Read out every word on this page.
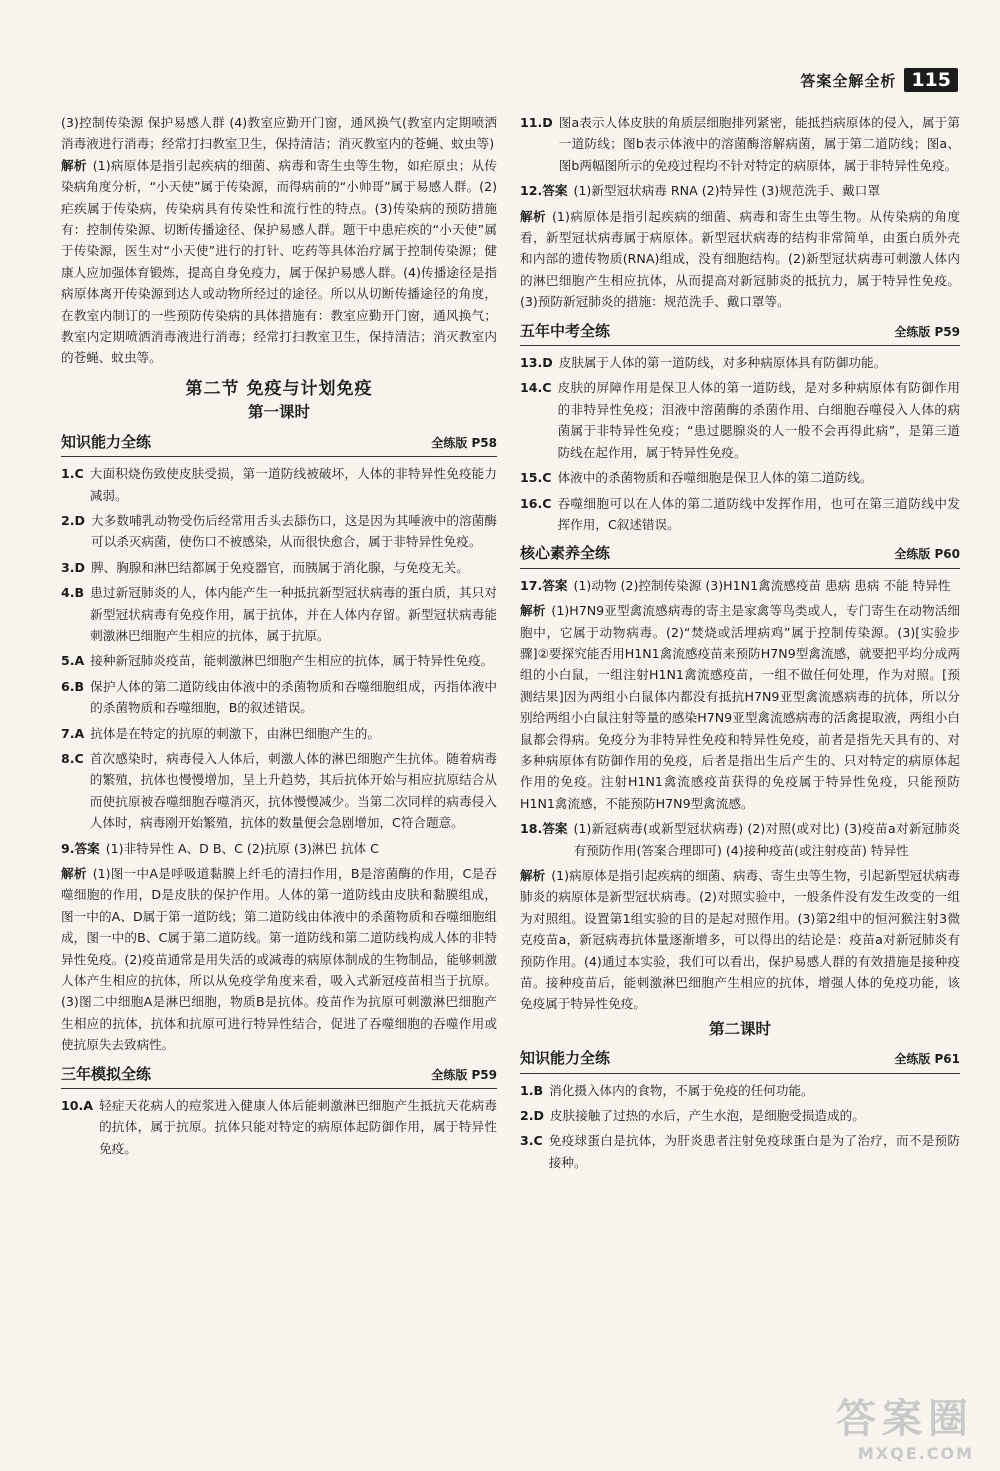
答案全解全析 115

(3)控制传染源 保护易感人群 (4)教室应勤开门窗，通风换气(教室内定期喷洒消毒液进行消毒；经常打扫教室卫生，保持清洁；消灭教室内的苍蝇、蚊虫等)

解析 (1)病原体是指引起疾病的细菌、病毒和寄生虫等生物，如疟原虫；从传染病角度分析，“小天使”属于传染源，而得病前的“小帅哥”属于易感人群。(2)疟疾属于传染病，传染病具有传染性和流行性的特点。(3)传染病的预防措施有：控制传染源、切断传播途径、保护易感人群。题干中患疟疾的“小天使”属于传染源，医生对“小天使”进行的打针、吃药等具体治疗属于控制传染源；健康人应加强体育锻炼，提高自身免疫力，属于保护易感人群。(4)传播途径是指病原体离开传染源到达人或动物所经过的途径。所以从切断传播途径的角度，在教室内制订的一些预防传染病的具体措施有：教室应勤开门窗，通风换气；教室内定期喷洒消毒液进行消毒；经常打扫教室卫生，保持清洁；消灭教室内的苍蝇、蚊虫等。

第二节 免疫与计划免疫
第一课时
知识能力全练	全练版 P58
1.C 大面积烧伤致使皮肤受损，第一道防线被破坏，人体的非特异性免疫能力减弱。
2.D 大多数哺乳动物受伤后经常用舌头去舔伤口，这是因为其唾液中的溶菌酶可以杀灭病菌，使伤口不被感染，从而很快愈合，属于非特异性免疫。
3.D 脾、胸腺和淋巴结都属于免疫器官，而胰属于消化腺，与免疫无关。
4.B 患过新冠肺炎的人，体内能产生一种抵抗新型冠状病毒的蛋白质，其只对新型冠状病毒有免疫作用，属于抗体，并在人体内存留。新型冠状病毒能刺激淋巴细胞产生相应的抗体，属于抗原。
5.A 接种新冠肺炎疫苗，能刺激淋巴细胞产生相应的抗体，属于特异性免疫。
6.B 保护人体的第二道防线由体液中的杀菌物质和吞噬细胞组成，丙指体液中的杀菌物质和吞噬细胞，B的叙述错误。
7.A 抗体是在特定的抗原的刺激下，由淋巴细胞产生的。
8.C 首次感染时，病毒侵入人体后，刺激人体的淋巴细胞产生抗体。随着病毒的繁殖，抗体也慢慢增加，呈上升趋势，其后抗体开始与相应抗原结合从而使抗原被吞噬细胞吞噬消灭，抗体慢慢减少。当第二次同样的病毒侵入人体时，病毒刚开始繁殖，抗体的数量便会急剧增加，C符合题意。
9.答案 (1)非特异性 A、D B、C (2)抗原 (3)淋巴 抗体 C

解析 (1)图一中A是呼吸道黏膜上纤毛的清扫作用，B是溶菌酶的作用，C是吞噬细胞的作用，D是皮肤的保护作用。人体的第一道防线由皮肤和黏膜组成，图一中的A、D属于第一道防线；第二道防线由体液中的杀菌物质和吞噬细胞组成，图一中的B、C属于第二道防线。第一道防线和第二道防线构成人体的非特异性免疫。(2)疫苗通常是用失活的或减毒的病原体制成的生物制品，能够刺激人体产生相应的抗体，所以从免疫学角度来看，吸入式新冠疫苗相当于抗原。(3)图二中细胞A是淋巴细胞，物质B是抗体。疫苗作为抗原可刺激淋巴细胞产生相应的抗体，抗体和抗原可进行特异性结合，促进了吞噬细胞的吞噬作用或使抗原失去致病性。

三年模拟全练	全练版 P59
10.A 轻症天花病人的痘浆进入健康人体后能刺激淋巴细胞产生抵抗天花病毒的抗体，属于抗原。抗体只能对特定的病原体起防御作用，属于特异性免疫。
11.D 图a表示人体皮肤的角质层细胞排列紧密，能抵挡病原体的侵入，属于第一道防线；图b表示体液中的溶菌酶溶解病菌，属于第二道防线；图a、图b两幅图所示的免疫过程均不针对特定的病原体，属于非特异性免疫。
12.答案 (1)新型冠状病毒 RNA (2)特异性 (3)规范洗手、戴口罩

解析 (1)病原体是指引起疾病的细菌、病毒和寄生虫等生物。从传染病的角度看，新型冠状病毒属于病原体。新型冠状病毒的结构非常简单，由蛋白质外壳和内部的遗传物质(RNA)组成，没有细胞结构。(2)新型冠状病毒可刺激人体内的淋巴细胞产生相应抗体，从而提高对新冠肺炎的抵抗力，属于特异性免疫。(3)预防新冠肺炎的措施：规范洗手、戴口罩等。

五年中考全练	全练版 P59
13.D 皮肤属于人体的第一道防线，对多种病原体具有防御功能。
14.C 皮肤的屏障作用是保卫人体的第一道防线，是对多种病原体有防御作用的非特异性免疫；泪液中溶菌酶的杀菌作用、白细胞吞噬侵入人体的病菌属于非特异性免疫；“患过腮腺炎的人一般不会再得此病”，是第三道防线在起作用，属于特异性免疫。
15.C 体液中的杀菌物质和吞噬细胞是保卫人体的第二道防线。
16.C 吞噬细胞可以在人体的第二道防线中发挥作用，也可在第三道防线中发挥作用，C叙述错误。
核心素养全练	全练版 P60
17.答案 (1)动物 (2)控制传染源 (3)H1N1禽流感疫苗 患病 患病 不能 特异性

解析 (1)H7N9亚型禽流感病毒的寄主是家禽等鸟类或人，专门寄生在动物活细胞中，它属于动物病毒。(2)“焚烧或活埋病鸡”属于控制传染源。(3)[实验步骤]②要探究能否用H1N1禽流感疫苗来预防H7N9型禽流感，就要把平均分成两组的小白鼠，一组注射H1N1禽流感疫苗，一组不做任何处理，作为对照。[预测结果]因为两组小白鼠体内都没有抵抗H7N9亚型禽流感病毒的抗体，所以分别给两组小白鼠注射等量的感染H7N9亚型禽流感病毒的活禽提取液，两组小白鼠都会得病。免疫分为非特异性免疫和特异性免疫，前者是指先天具有的、对多种病原体有防御作用的免疫，后者是指出生后产生的、只对特定的病原体起作用的免疫。注射H1N1禽流感疫苗获得的免疫属于特异性免疫，只能预防H1N1禽流感，不能预防H7N9型禽流感。

18.答案 (1)新冠病毒(或新型冠状病毒) (2)对照(或对比) (3)疫苗a对新冠肺炎有预防作用(答案合理即可) (4)接种疫苗(或注射疫苗) 特异性

解析 (1)病原体是指引起疾病的细菌、病毒、寄生虫等生物，引起新型冠状病毒肺炎的病原体是新型冠状病毒。(2)对照实验中，一般条件没有发生改变的一组为对照组。设置第1组实验的目的是起对照作用。(3)第2组中的恒河猴注射3微克疫苗a，新冠病毒抗体量逐渐增多，可以得出的结论是：疫苗a对新冠肺炎有预防作用。(4)通过本实验，我们可以看出，保护易感人群的有效措施是接种疫苗。接种疫苗后，能刺激淋巴细胞产生相应的抗体，增强人体的免疫功能，该免疫属于特异性免疫。

第二课时
知识能力全练	全练版 P61
1.B 消化摄入体内的食物，不属于免疫的任何功能。
2.D 皮肤接触了过热的水后，产生水泡，是细胞受损造成的。
3.C 免疫球蛋白是抗体，为肝炎患者注射免疫球蛋白是为了治疗，而不是预防接种。
答案圈
MXQE.COM
